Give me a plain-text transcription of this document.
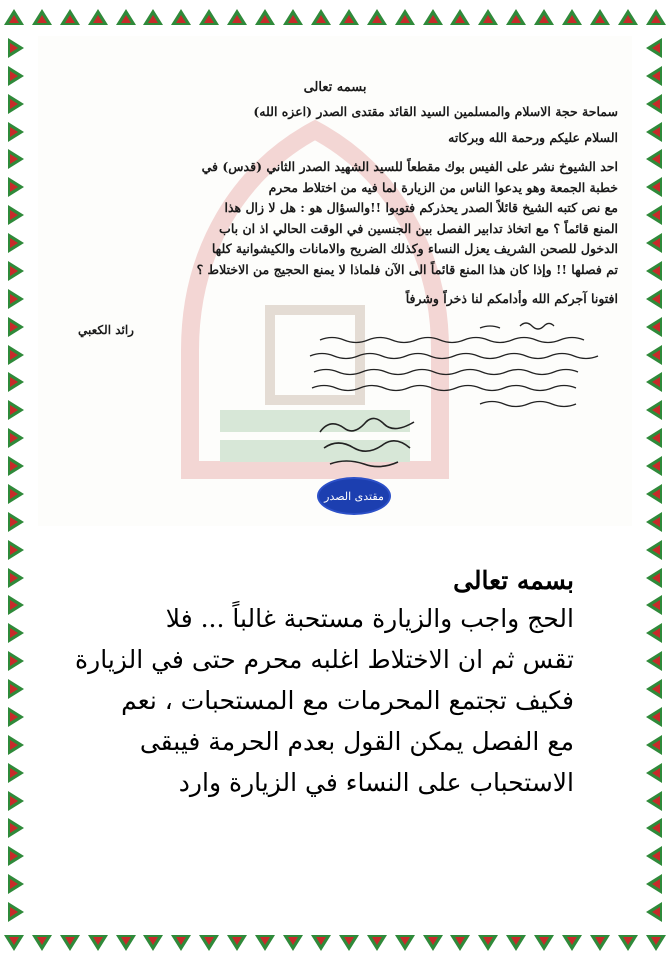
بسمه تعالى
سماحة حجة الاسلام والمسلمين السيد القائد مقتدى الصدر (اعزه الله)
السلام عليكم ورحمة الله وبركاته
احد الشيوخ نشر على الفيس بوك مقطعاً للسيد الشهيد الصدر الثاني (قدس) في
خطبة الجمعة وهو يدعوا الناس من الزيارة لما فيه من اختلاط محرم
مع نص كتبه الشيخ قائلاً الصدر يحذركم فتوبوا !!والسؤال هو : هل لا زال هذا
المنع قائماً ؟ مع اتخاذ تدابير الفصل بين الجنسين في الوقت الحالي اذ ان باب
الدخول للصحن الشريف يعزل النساء وكذلك الضريح والامانات والكيشوانية كلها
تم فصلها !! وإذا كان هذا المنع قائماً الى الآن فلماذا لا يمنع الحجيج من الاختلاط ؟
افتونا آجركم الله وأدامكم لنا ذخراً وشرفاً
رائد الكعبي
مقتدى الصدر
بسمه تعالى
الحج واجب والزيارة مستحبة غالباً ... فلا
تقس ثم ان الاختلاط اغلبه محرم حتى في الزيارة
فكيف تجتمع المحرمات مع المستحبات ، نعم
مع الفصل يمكن القول بعدم الحرمة فيبقى
الاستحباب على النساء في الزيارة وارد
